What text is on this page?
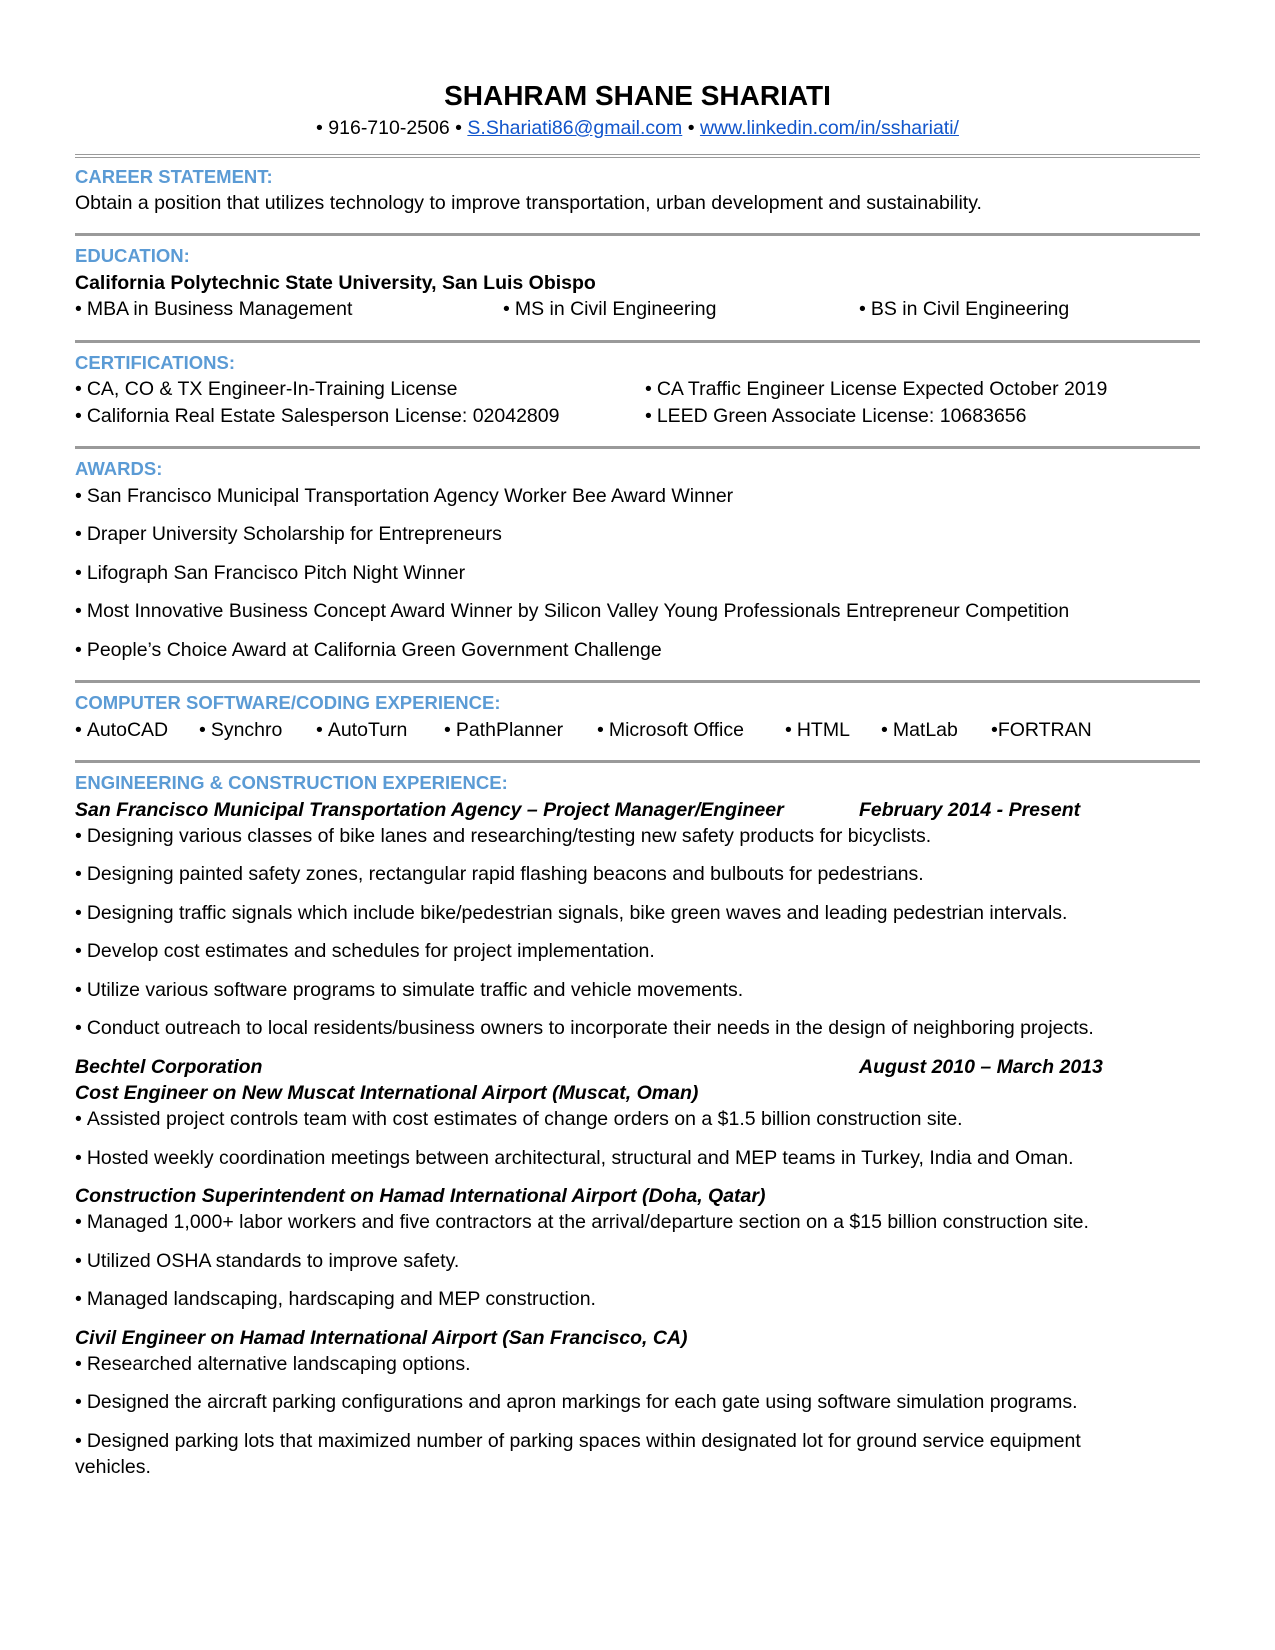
SHAHRAM SHANE SHARIATI
• 916-710-2506 • S.Shariati86@gmail.com • www.linkedin.com/in/sshariati/
CAREER STATEMENT:
Obtain a position that utilizes technology to improve transportation, urban development and sustainability.
EDUCATION:
California Polytechnic State University, San Luis Obispo
• MBA in Business Management	• MS in Civil Engineering	• BS in Civil Engineering
CERTIFICATIONS:
• CA, CO & TX Engineer-In-Training License	• CA Traffic Engineer License Expected October 2019
• California Real Estate Salesperson License: 02042809	• LEED Green Associate License: 10683656
AWARDS:
• San Francisco Municipal Transportation Agency Worker Bee Award Winner
• Draper University Scholarship for Entrepreneurs
• Lifograph San Francisco Pitch Night Winner
• Most Innovative Business Concept Award Winner by Silicon Valley Young Professionals Entrepreneur Competition
• People’s Choice Award at California Green Government Challenge
COMPUTER SOFTWARE/CODING EXPERIENCE:
• AutoCAD	• Synchro	• AutoTurn	• PathPlanner	• Microsoft Office	• HTML	• MatLab •FORTRAN
ENGINEERING & CONSTRUCTION EXPERIENCE:
San Francisco Municipal Transportation Agency – Project Manager/Engineer	February 2014 - Present
• Designing various classes of bike lanes and researching/testing new safety products for bicyclists.
• Designing painted safety zones, rectangular rapid flashing beacons and bulbouts for pedestrians.
• Designing traffic signals which include bike/pedestrian signals, bike green waves and leading pedestrian intervals.
• Develop cost estimates and schedules for project implementation.
• Utilize various software programs to simulate traffic and vehicle movements.
• Conduct outreach to local residents/business owners to incorporate their needs in the design of neighboring projects.
Bechtel Corporation	August 2010 – March 2013
Cost Engineer on New Muscat International Airport (Muscat, Oman)
• Assisted project controls team with cost estimates of change orders on a $1.5 billion construction site.
• Hosted weekly coordination meetings between architectural, structural and MEP teams in Turkey, India and Oman.
Construction Superintendent on Hamad International Airport (Doha, Qatar)
• Managed 1,000+ labor workers and five contractors at the arrival/departure section on a $15 billion construction site.
• Utilized OSHA standards to improve safety.
• Managed landscaping, hardscaping and MEP construction.
Civil Engineer on Hamad International Airport (San Francisco, CA)
• Researched alternative landscaping options.
• Designed the aircraft parking configurations and apron markings for each gate using software simulation programs.
• Designed parking lots that maximized number of parking spaces within designated lot for ground service equipment
vehicles.
